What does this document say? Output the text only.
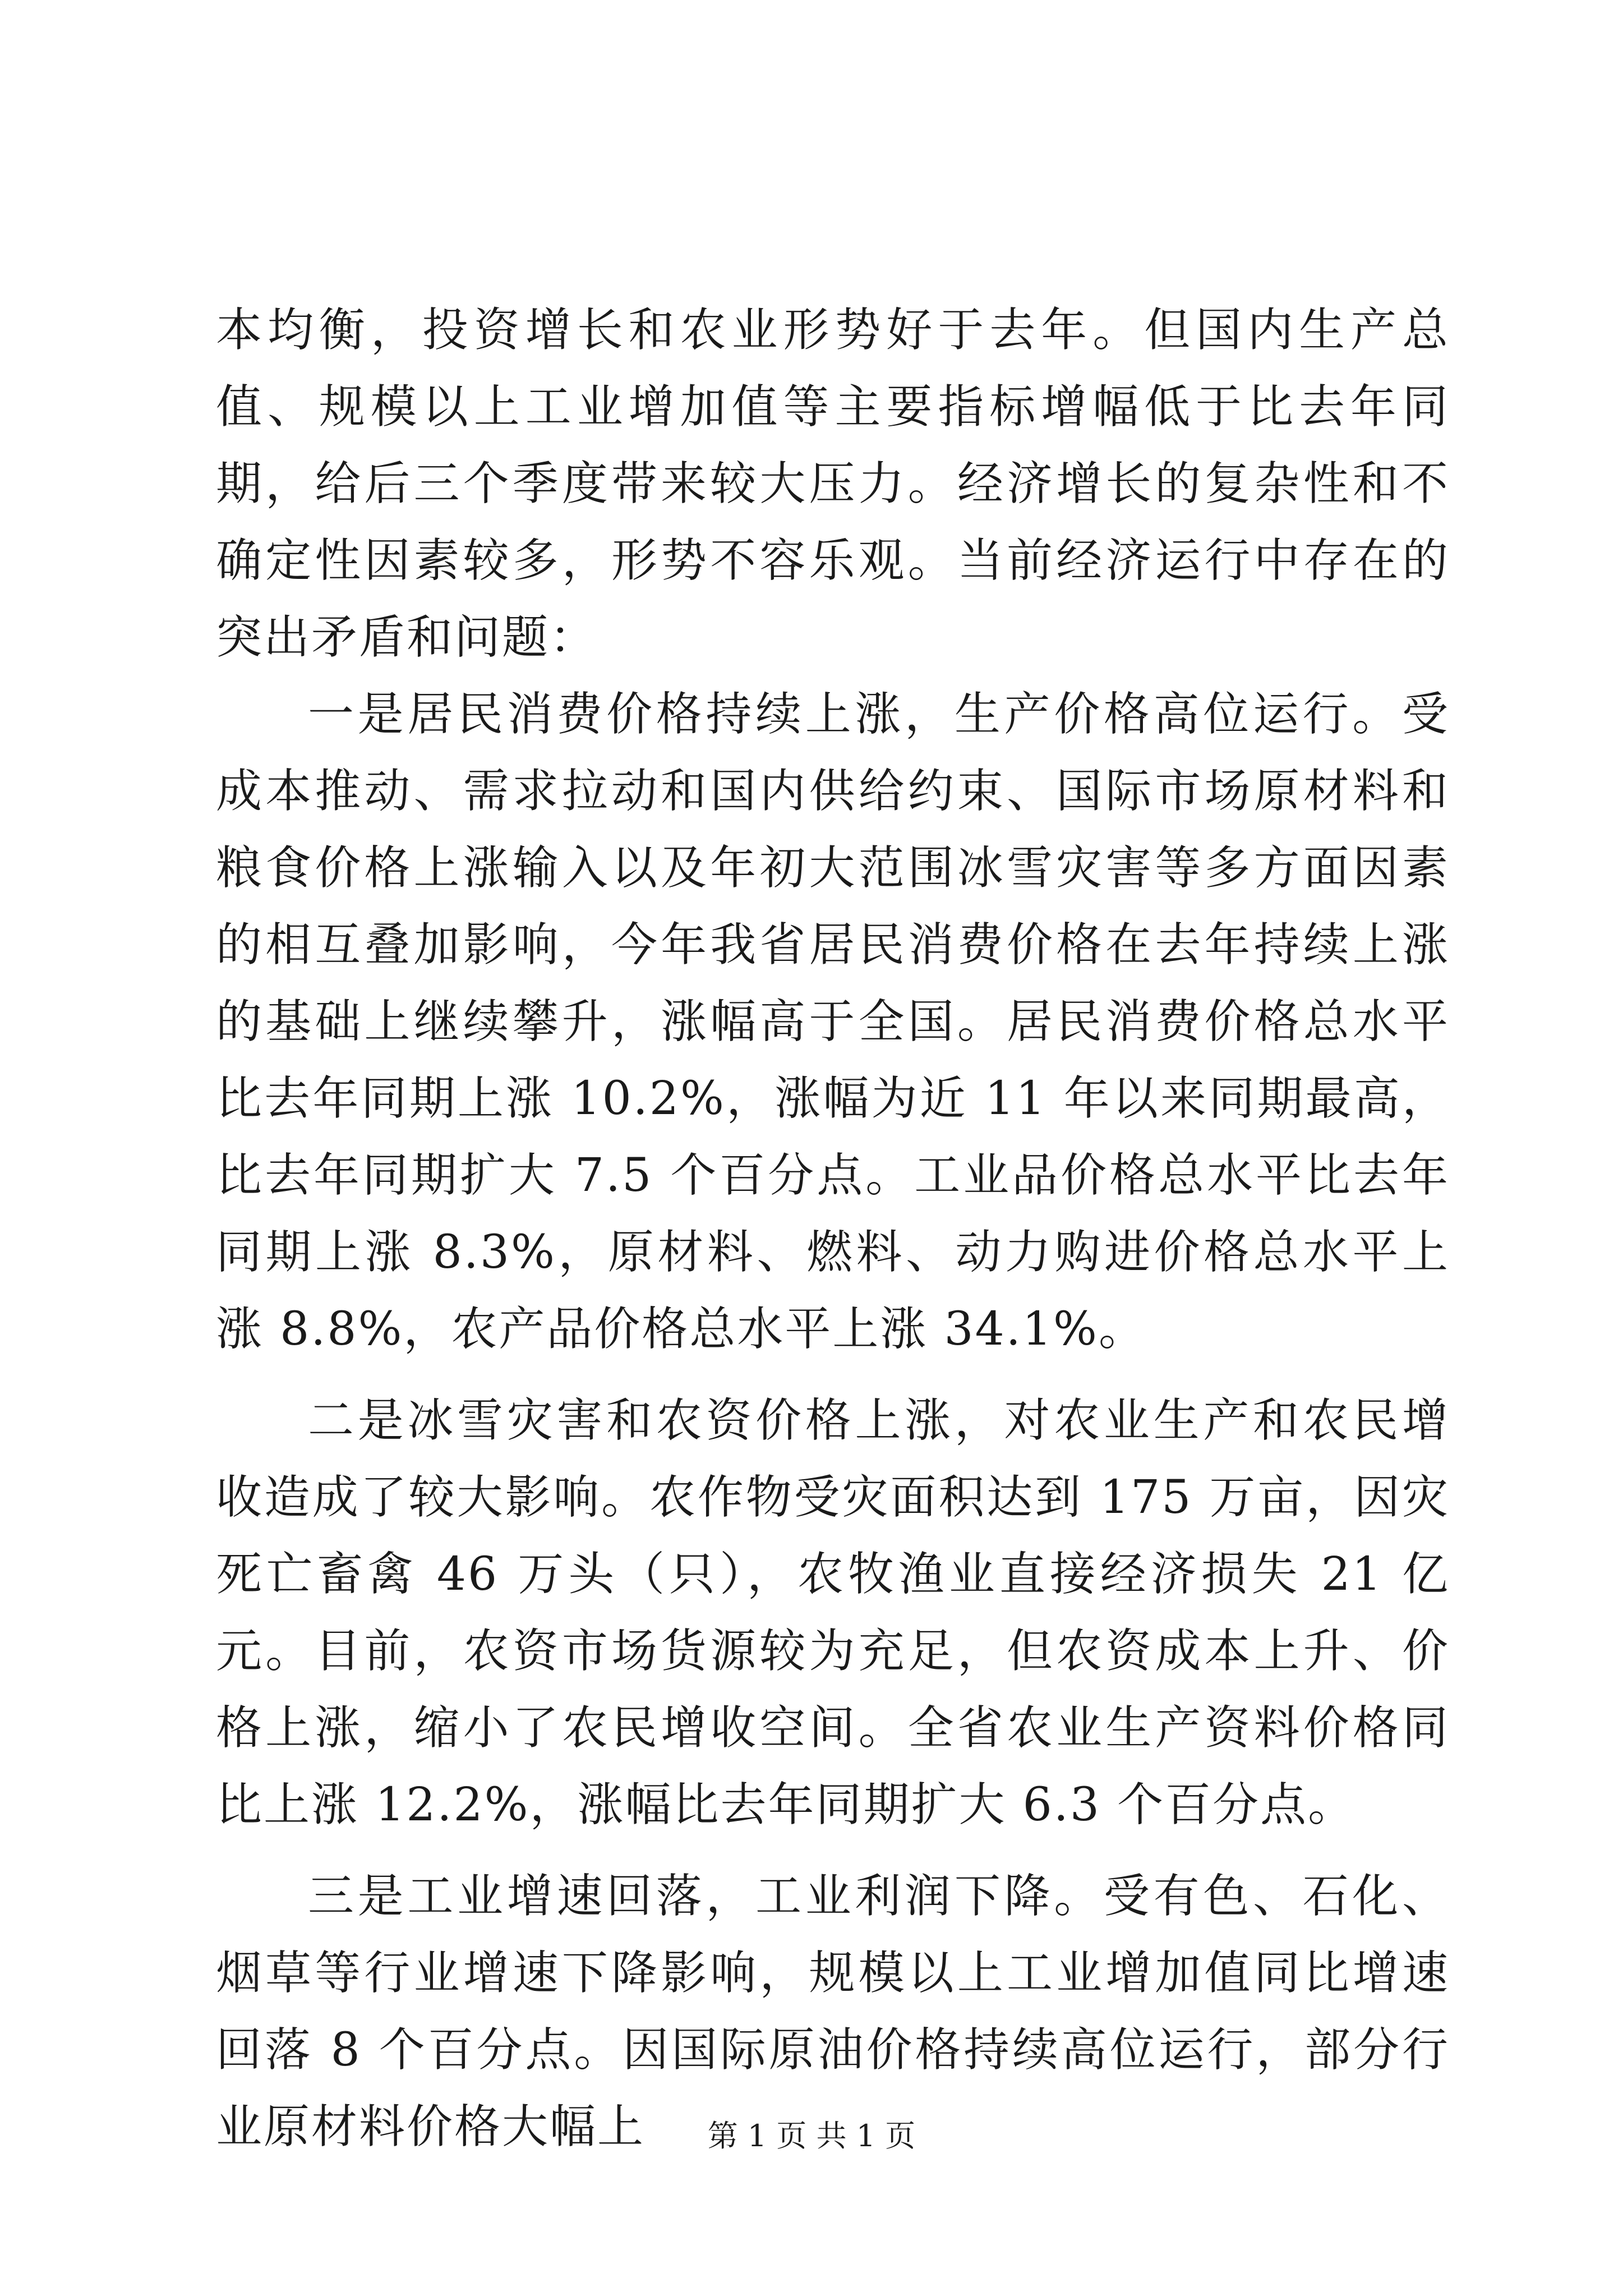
本均衡，投资增长和农业形势好于去年。但国内生产总值、规模以上工业增加值等主要指标增幅低于比去年同期，给后三个季度带来较大压力。经济增长的复杂性和不确定性因素较多，形势不容乐观。当前经济运行中存在的突出矛盾和问题：

一是居民消费价格持续上涨，生产价格高位运行。受成本推动、需求拉动和国内供给约束、国际市场原材料和粮食价格上涨输入以及年初大范围冰雪灾害等多方面因素的相互叠加影响，今年我省居民消费价格在去年持续上涨的基础上继续攀升，涨幅高于全国。居民消费价格总水平比去年同期上涨 10.2%，涨幅为近 11 年以来同期最高，比去年同期扩大 7.5 个百分点。工业品价格总水平比去年同期上涨 8.3%，原材料、燃料、动力购进价格总水平上涨 8.8%，农产品价格总水平上涨 34.1%。

二是冰雪灾害和农资价格上涨，对农业生产和农民增收造成了较大影响。农作物受灾面积达到 175 万亩，因灾死亡畜禽 46 万头（只），农牧渔业直接经济损失 21 亿元。目前，农资市场货源较为充足，但农资成本上升、价格上涨，缩小了农民增收空间。全省农业生产资料价格同比上涨 12.2%，涨幅比去年同期扩大 6.3 个百分点。

三是工业增速回落，工业利润下降。受有色、石化、烟草等行业增速下降影响，规模以上工业增加值同比增速回落 8 个百分点。因国际原油价格持续高位运行，部分行业原材料价格大幅上	第 1 页 共 1 页
